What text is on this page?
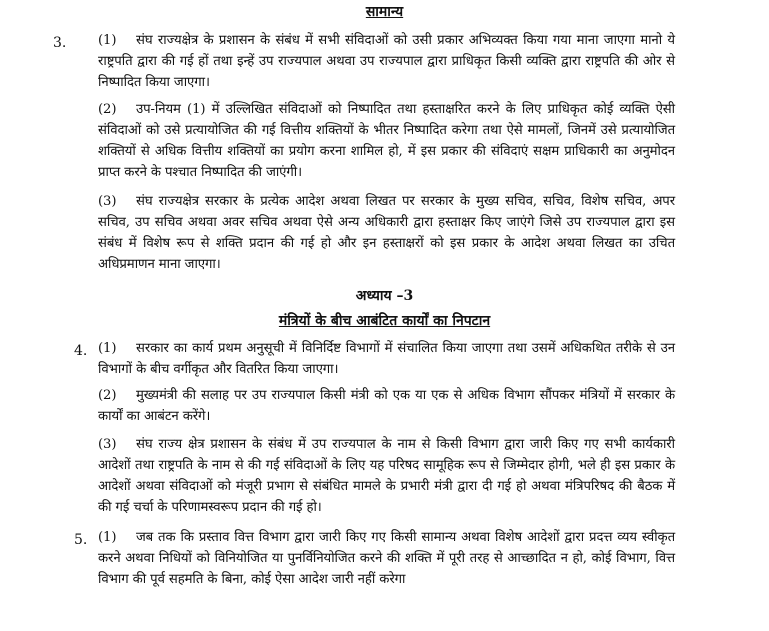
सामान्य
3. (1) संघ राज्यक्षेत्र के प्रशासन के संबंध में सभी संविदाओं को उसी प्रकार अभिव्यक्त किया गया माना जाएगा मानो ये राष्ट्रपति द्वारा की गई हों तथा इन्हें उप राज्यपाल अथवा उप राज्यपाल द्वारा प्राधिकृत किसी व्यक्ति द्वारा राष्ट्रपति की ओर से निष्पादित किया जाएगा।
(2) उप-नियम (1) में उल्लिखित संविदाओं को निष्पादित तथा हस्ताक्षरित करने के लिए प्राधिकृत कोई व्यक्ति ऐसी संविदाओं को उसे प्रत्यायोजित की गई वित्तीय शक्तियों के भीतर निष्पादित करेगा तथा ऐसे मामलों, जिनमें उसे प्रत्यायोजित शक्तियों से अधिक वित्तीय शक्तियों का प्रयोग करना शामिल हो, में इस प्रकार की संविदाएं सक्षम प्राधिकारी का अनुमोदन प्राप्त करने के पश्चात निष्पादित की जाएंगी।
(3) संघ राज्यक्षेत्र सरकार के प्रत्येक आदेश अथवा लिखत पर सरकार के मुख्य सचिव, सचिव, विशेष सचिव, अपर सचिव, उप सचिव अथवा अवर सचिव अथवा ऐसे अन्य अधिकारी द्वारा हस्ताक्षर किए जाएंगे जिसे उप राज्यपाल द्वारा इस संबंध में विशेष रूप से शक्ति प्रदान की गई हो और इन हस्ताक्षरों को इस प्रकार के आदेश अथवा लिखत का उचित अधिप्रमाणन माना जाएगा।
अध्याय –3
मंत्रियों के बीच आबंटित कार्यों का निपटान
4. (1) सरकार का कार्य प्रथम अनुसूची में विनिर्दिष्ट विभागों में संचालित किया जाएगा तथा उसमें अधिकथित तरीके से उन विभागों के बीच वर्गीकृत और वितरित किया जाएगा।
(2) मुख्यमंत्री की सलाह पर उप राज्यपाल किसी मंत्री को एक या एक से अधिक विभाग सौंपकर मंत्रियों में सरकार के कार्यों का आबंटन करेंगे।
(3) संघ राज्य क्षेत्र प्रशासन के संबंध में उप राज्यपाल के नाम से किसी विभाग द्वारा जारी किए गए सभी कार्यकारी आदेशों तथा राष्ट्रपति के नाम से की गई संविदाओं के लिए यह परिषद सामूहिक रूप से जिम्मेदार होगी, भले ही इस प्रकार के आदेशों अथवा संविदाओं को मंजूरी प्रभाग से संबंधित मामले के प्रभारी मंत्री द्वारा दी गई हो अथवा मंत्रिपरिषद की बैठक में की गई चर्चा के परिणामस्वरूप प्रदान की गई हो।
5. (1) जब तक कि प्रस्ताव वित्त विभाग द्वारा जारी किए गए किसी सामान्य अथवा विशेष आदेशों द्वारा प्रदत्त व्यय स्वीकृत करने अथवा निधियों को विनियोजित या पुनर्विनियोजित करने की शक्ति में पूरी तरह से आच्छादित न हो, कोई विभाग, वित्त विभाग की पूर्व सहमति के बिना, कोई ऐसा आदेश जारी नहीं करेगा
